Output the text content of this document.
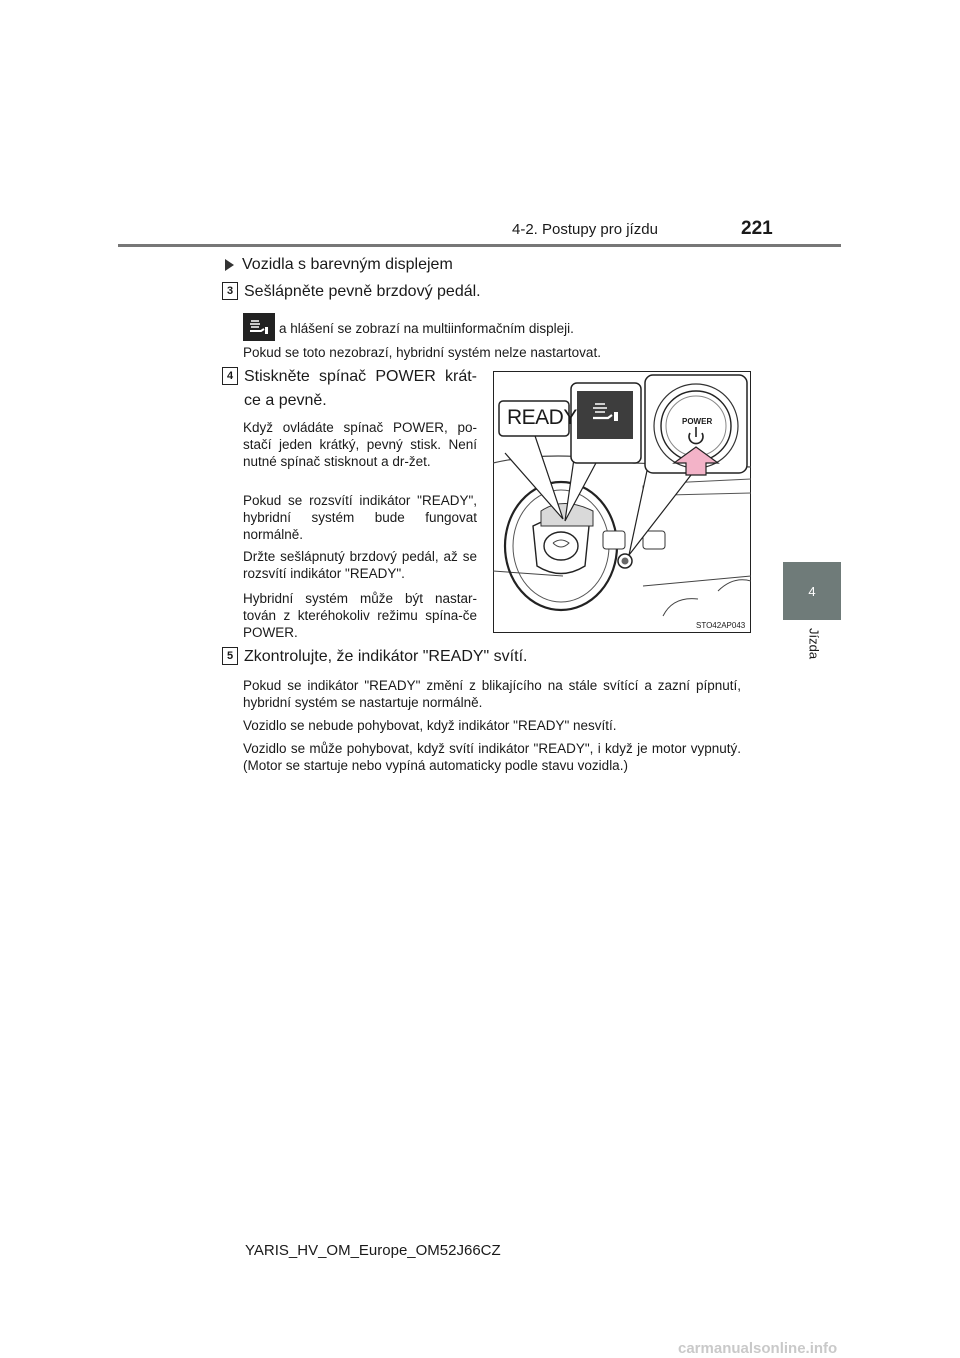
4-2. Postupy pro jízdu	221
4
Jízda
Vozidla s barevným displejem
3 Sešlápněte pevně brzdový pedál.
a hlášení se zobrazí na multiinformačním displeji.
Pokud se toto nezobrazí, hybridní systém nelze nastartovat.
4 Stiskněte spínač POWER krát-
ce a pevně.
Když ovládáte spínač POWER, po-stačí jeden krátký, pevný stisk. Není nutné spínač stisknout a dr-žet.
Pokud se rozsvítí indikátor "READY", hybridní systém bude fungovat normálně.
Držte sešlápnutý brzdový pedál, až se rozsvítí indikátor "READY".
Hybridní systém může být nastar-tován z kteréhokoliv režimu spína-če POWER.
READY	POWER
STO42AP043
5 Zkontrolujte, že indikátor "READY" svítí.
Pokud se indikátor "READY" změní z blikajícího na stále svítící a zazní pípnutí, hybridní systém se nastartuje normálně.
Vozidlo se nebude pohybovat, když indikátor "READY" nesvítí.
Vozidlo se může pohybovat, když svítí indikátor "READY", i když je motor vypnutý. (Motor se startuje nebo vypíná automaticky podle stavu vozidla.)
YARIS_HV_OM_Europe_OM52J66CZ
carmanualsonline.info
